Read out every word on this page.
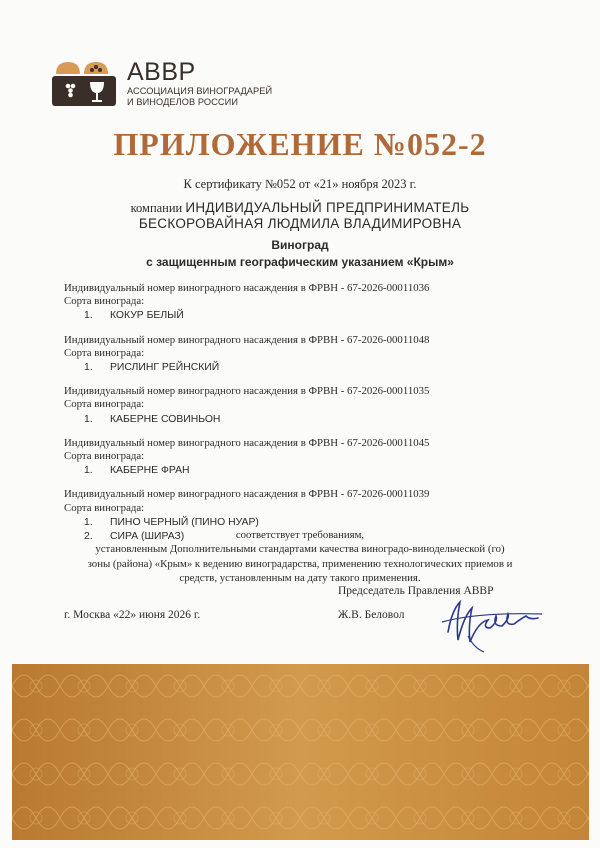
АВВР
АССОЦИАЦИЯ ВИНОГРАДАРЕЙ
И ВИНОДЕЛОВ РОССИИ
ПРИЛОЖЕНИЕ №052-2
К сертификату №052 от «21» ноября 2023 г.
компании ИНДИВИДУАЛЬНЫЙ ПРЕДПРИНИМАТЕЛЬ
БЕСКОРОВАЙНАЯ ЛЮДМИЛА ВЛАДИМИРОВНА
Виноград
с защищенным географическим указанием «Крым»
Индивидуальный номер виноградного насаждения в ФРВН - 67-2026-00011036
Сорта винограда:
1.	КОКУР БЕЛЫЙ
Индивидуальный номер виноградного насаждения в ФРВН - 67-2026-00011048
Сорта винограда:
1.	РИСЛИНГ РЕЙНСКИЙ
Индивидуальный номер виноградного насаждения в ФРВН - 67-2026-00011035
Сорта винограда:
1.	КАБЕРНЕ СОВИНЬОН
Индивидуальный номер виноградного насаждения в ФРВН - 67-2026-00011045
Сорта винограда:
1.	КАБЕРНЕ ФРАН
Индивидуальный номер виноградного насаждения в ФРВН - 67-2026-00011039
Сорта винограда:
1.	ПИНО ЧЕРНЫЙ (ПИНО НУАР)
2.	СИРА (ШИРАЗ)	соответствует требованиям,
установленным Дополнительными стандартами качества виноградо-винодельческой (го)
зоны (района) «Крым» к ведению виноградарства, применению технологических приемов и
средств, установленным на дату такого применения.
Председатель Правления АВВР
г. Москва «22» июня 2026 г.	Ж.В. Беловол
